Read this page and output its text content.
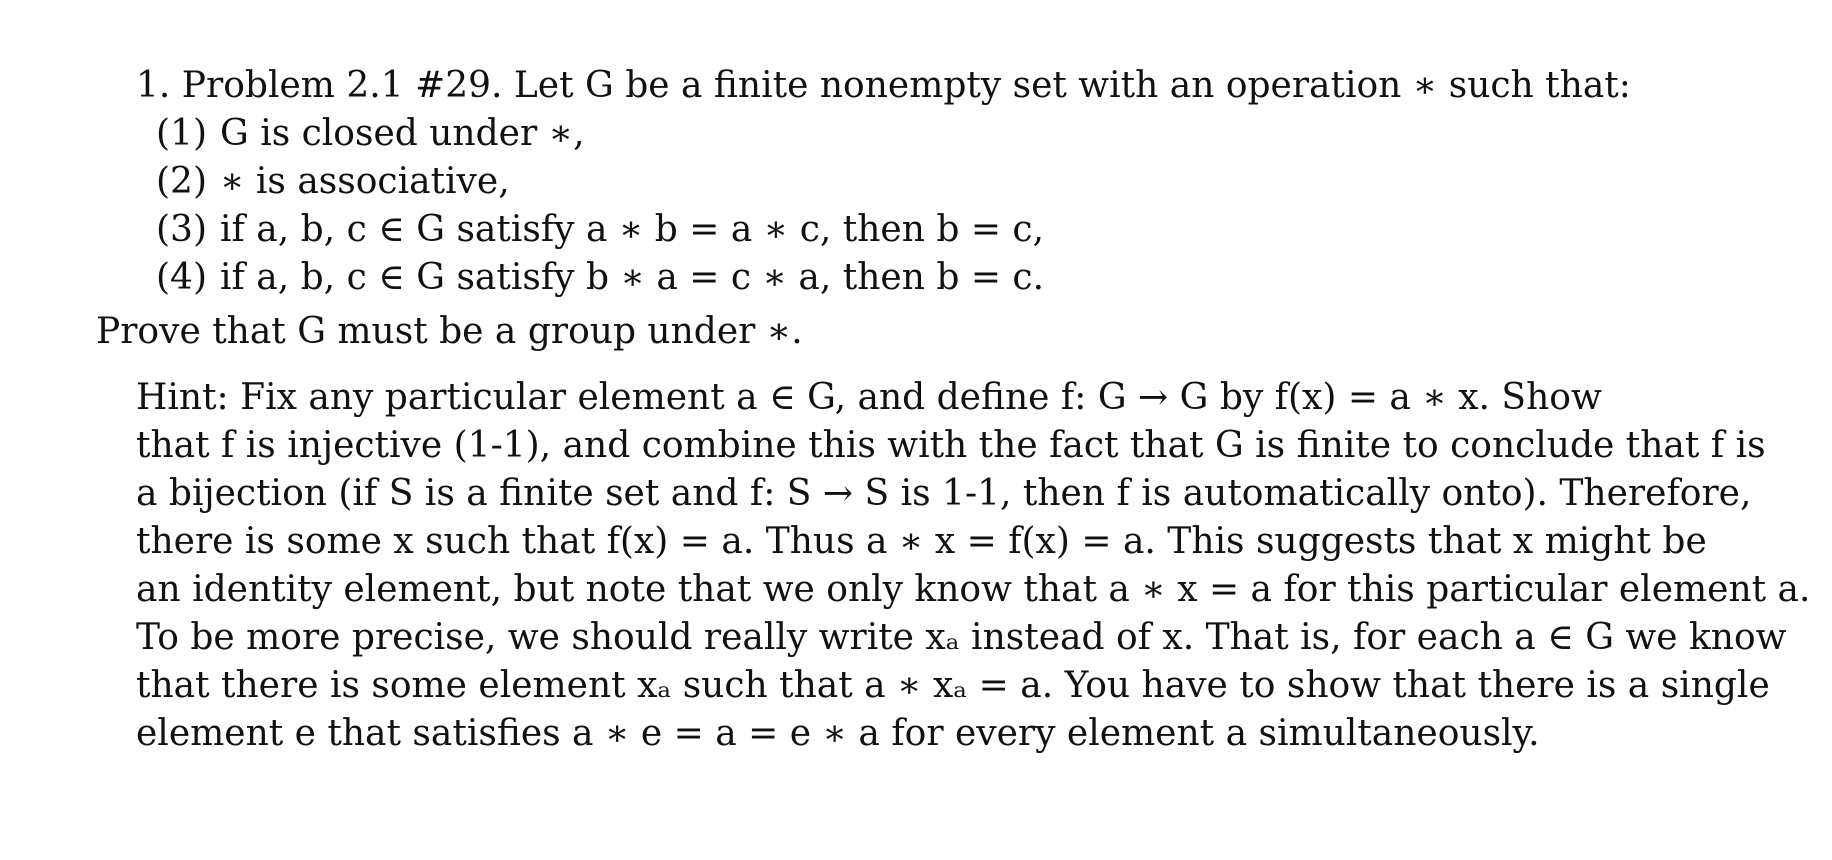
1. Problem 2.1 #29. Let G be a finite nonempty set with an operation ∗ such that:
(1) G is closed under ∗,
(2) ∗ is associative,
(3) if a, b, c ∈ G satisfy a ∗ b = a ∗ c, then b = c,
(4) if a, b, c ∈ G satisfy b ∗ a = c ∗ a, then b = c.
Prove that G must be a group under ∗.
Hint: Fix any particular element a ∈ G, and define f: G → G by f(x) = a ∗ x. Show
that f is injective (1-1), and combine this with the fact that G is finite to conclude that f is
a bijection (if S is a finite set and f: S → S is 1-1, then f is automatically onto). Therefore,
there is some x such that f(x) = a. Thus a ∗ x = f(x) = a. This suggests that x might be
an identity element, but note that we only know that a ∗ x = a for this particular element a.
To be more precise, we should really write xₐ instead of x. That is, for each a ∈ G we know
that there is some element xₐ such that a ∗ xₐ = a. You have to show that there is a single
element e that satisfies a ∗ e = a = e ∗ a for every element a simultaneously.
